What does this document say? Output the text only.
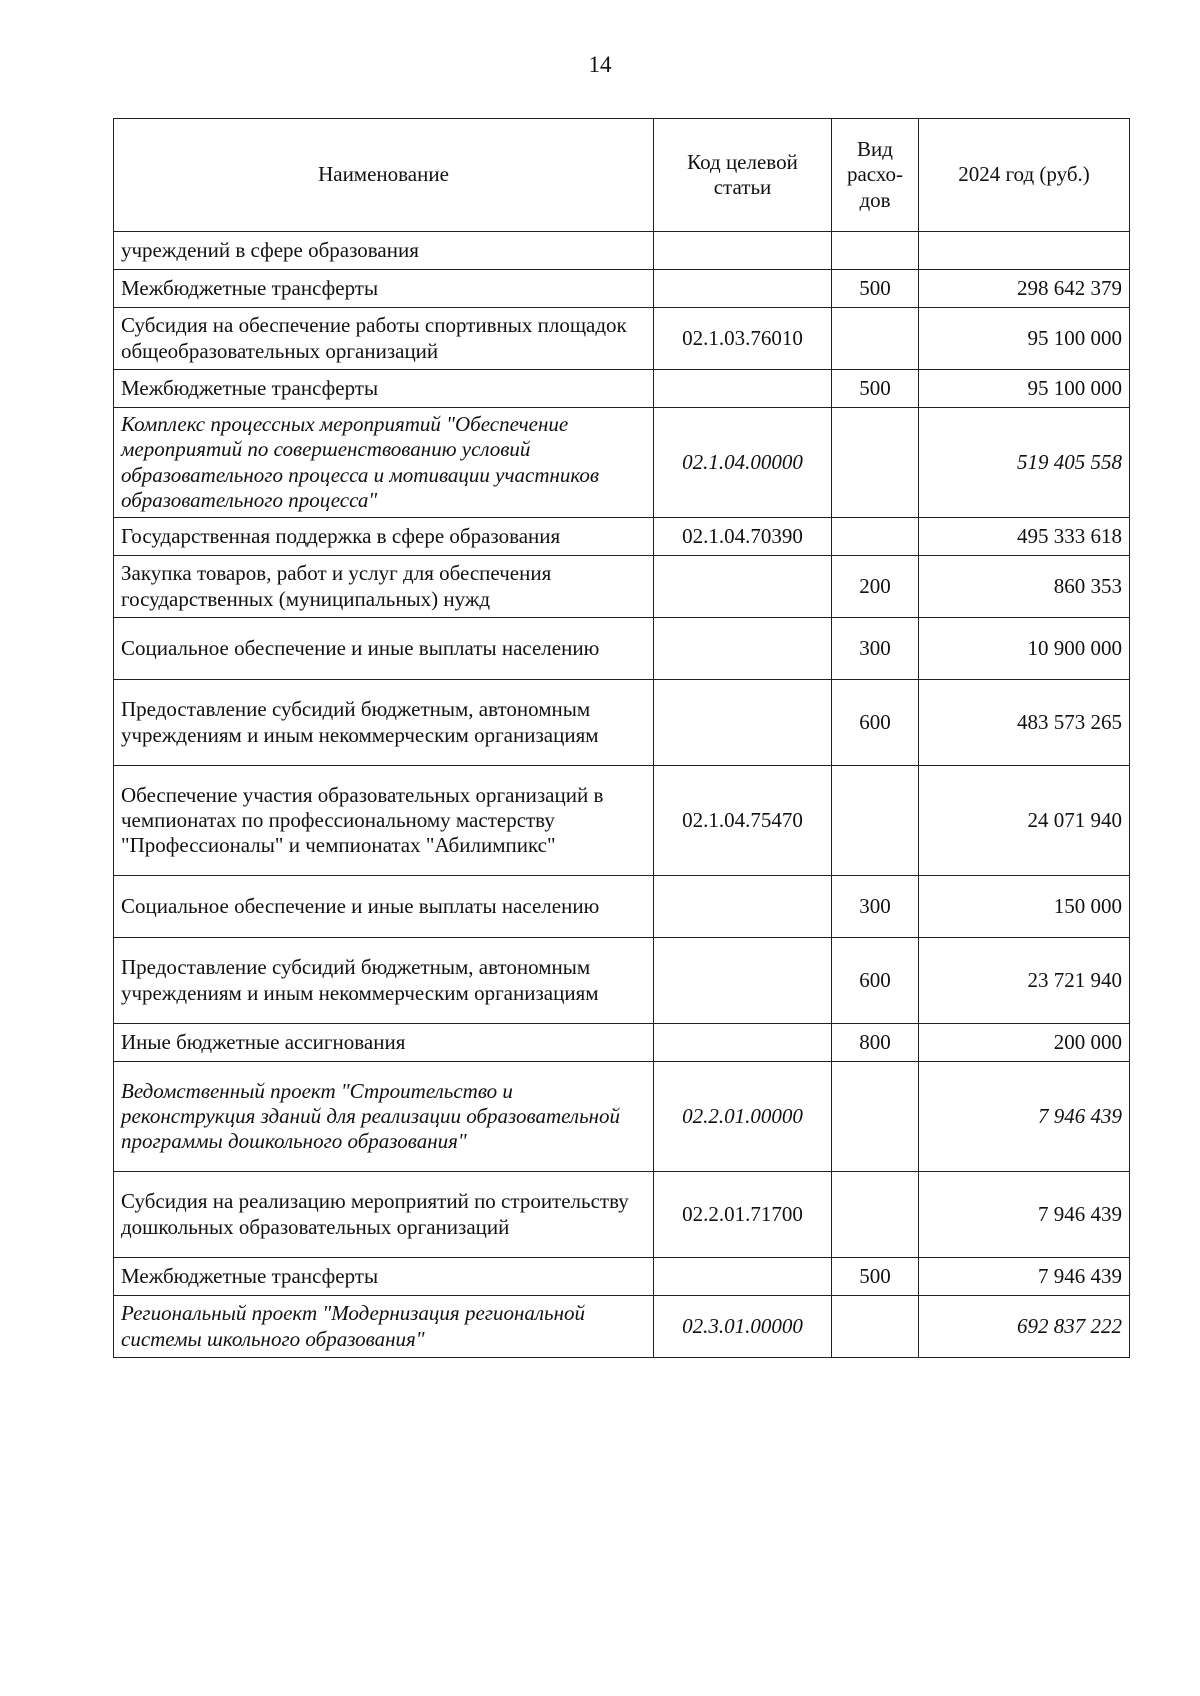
14
Наименование	Код целевой статьи	Вид расхо-дов	2024 год (руб.)
учреждений в сфере образования			
Межбюджетные трансферты		500	298 642 379
Субсидия на обеспечение работы спортивных площадок общеобразовательных организаций	02.1.03.76010		95 100 000
Межбюджетные трансферты		500	95 100 000
Комплекс процессных мероприятий "Обеспечение мероприятий по совершенствованию условий образовательного процесса и мотивации участников образовательного процесса"	02.1.04.00000		519 405 558
Государственная поддержка в сфере образования	02.1.04.70390		495 333 618
Закупка товаров, работ и услуг для обеспечения государственных (муниципальных) нужд		200	860 353
Социальное обеспечение и иные выплаты населению		300	10 900 000
Предоставление субсидий бюджетным, автономным учреждениям и иным некоммерческим организациям		600	483 573 265
Обеспечение участия образовательных организаций в чемпионатах по профессиональному мастерству "Профессионалы" и чемпионатах "Абилимпикс"	02.1.04.75470		24 071 940
Социальное обеспечение и иные выплаты населению		300	150 000
Предоставление субсидий бюджетным, автономным учреждениям и иным некоммерческим организациям		600	23 721 940
Иные бюджетные ассигнования		800	200 000
Ведомственный проект "Строительство и реконструкция зданий для реализации образовательной программы дошкольного образования"	02.2.01.00000		7 946 439
Субсидия на реализацию мероприятий по строительству дошкольных образовательных организаций	02.2.01.71700		7 946 439
Межбюджетные трансферты		500	7 946 439
Региональный проект "Модернизация региональной системы школьного образования"	02.3.01.00000		692 837 222
